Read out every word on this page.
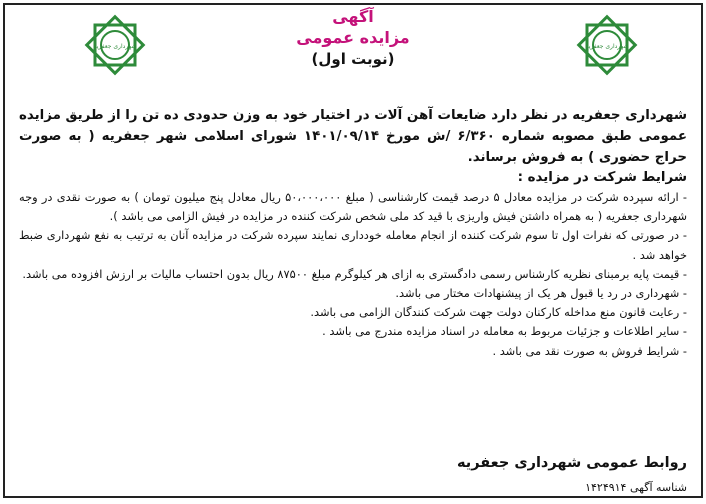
شهرداری جعفریه	شهرداری جعفریه
آگهی
مزایده عمومی
(نوبت اول)

شهرداری جعفریه در نظر دارد ضایعات آهن آلات در اختیار خود به وزن حدودی ده تن را از طریق مزایده عمومی طبق مصوبه شماره ۶/۳۶۰ /ش مورخ ۱۴۰۱/۰۹/۱۴ شورای اسلامی شهر جعفریه ( به صورت حراج حضوری ) به فروش برساند.

شرایط شرکت در مزایده :

- ارائه سپرده شرکت در مزایده معادل ۵ درصد قیمت کارشناسی ( مبلغ ۵۰،۰۰۰،۰۰۰ ریال معادل پنج میلیون تومان ) به صورت نقدی در وجه شهرداری جعفریه ( به همراه داشتن فیش واریزی با قید کد ملی شخص شرکت کننده در مزایده در فیش الزامی می باشد ).
- در صورتی که نفرات اول تا سوم شرکت کننده از انجام معامله خودداری نمایند سپرده شرکت در مزایده آنان به ترتیب به نفع شهرداری ضبط خواهد شد .
- قیمت پایه برمبنای نظریه کارشناس رسمی دادگستری به ازای هر کیلوگرم مبلغ ۸۷۵۰۰ ریال بدون احتساب مالیات بر ارزش افزوده می باشد.
- شهرداری در رد یا قبول هر یک از پیشنهادات مختار می باشد.
- رعایت قانون منع مداخله کارکنان دولت جهت شرکت کنندگان الزامی می باشد.
- سایر اطلاعات و جزئیات مربوط به معامله در اسناد مزایده مندرج می باشد .
- شرایط فروش به صورت نقد می باشد .
روابط عمومی شهرداری جعفریه
شناسه آگهی ۱۴۲۴۹۱۴
